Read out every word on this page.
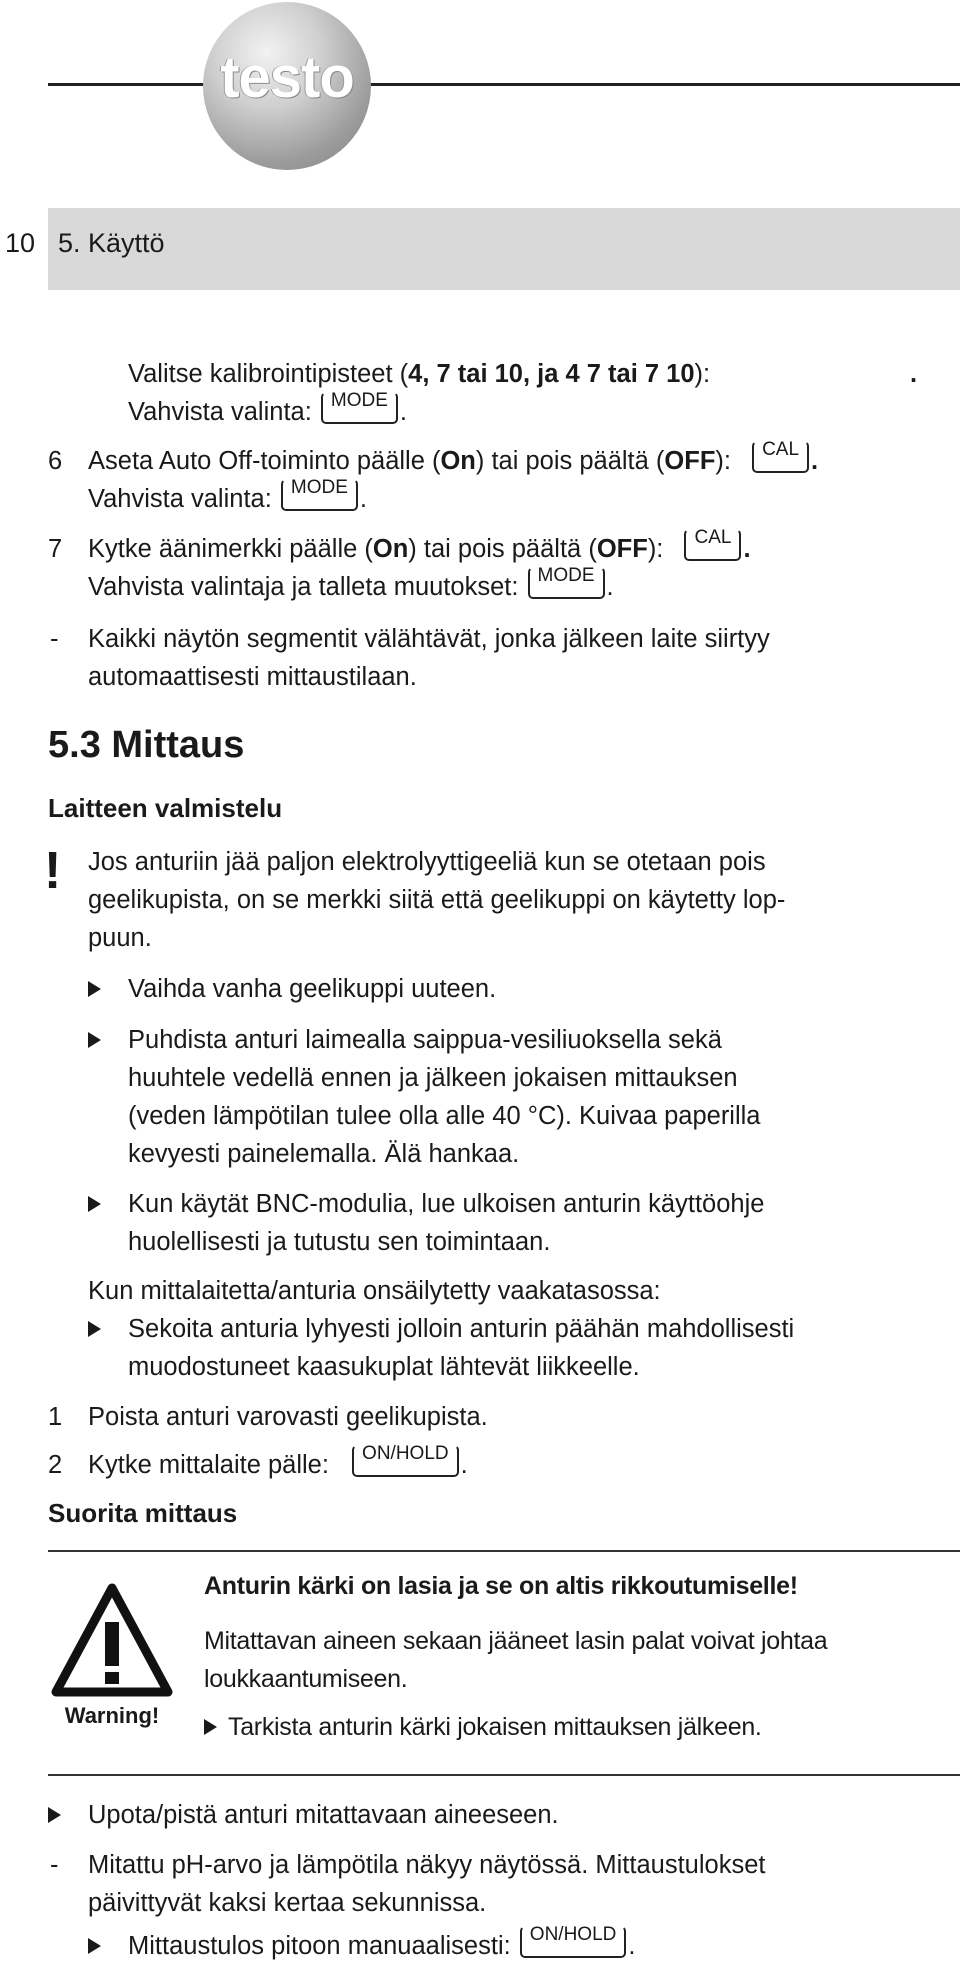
testo
10 5. Käyttö
Valitse kalibrointipisteet (4, 7 tai 10, ja 4 7 tai 7 10):	.
Vahvista valinta: MODE .
6 Aseta Auto Off-toiminto päälle (On) tai pois päältä (OFF): CAL .
Vahvista valinta: MODE .
7 Kytke äänimerkki päälle (On) tai pois päältä (OFF): CAL .
Vahvista valintaja ja talleta muutokset: MODE .
- Kaikki näytön segmentit välähtävät, jonka jälkeen laite siirtyy
automaattisesti mittaustilaan.
5.3 Mittaus
Laitteen valmistelu
! Jos anturiin jää paljon elektrolyyttigeeliä kun se otetaan pois
geelikupista, on se merkki siitä että geelikuppi on käytetty lop-
puun.
Vaihda vanha geelikuppi uuteen.
Puhdista anturi laimealla saippua-vesiliuoksella sekä
huuhtele vedellä ennen ja jälkeen jokaisen mittauksen
(veden lämpötilan tulee olla alle 40 °C). Kuivaa paperilla
kevyesti painelemalla. Älä hankaa.
Kun käytät BNC-modulia, lue ulkoisen anturin käyttöohje
huolellisesti ja tutustu sen toimintaan.
Kun mittalaitetta/anturia onsäilytetty vaakatasossa:
Sekoita anturia lyhyesti jolloin anturin päähän mahdollisesti
muodostuneet kaasukuplat lähtevät liikkeelle.
1 Poista anturi varovasti geelikupista.
2 Kytke mittalaite pälle: ON/HOLD .
Suorita mittaus
Warning!
Anturin kärki on lasia ja se on altis rikkoutumiselle!
Mitattavan aineen sekaan jääneet lasin palat voivat johtaa
loukkaantumiseen.
Tarkista anturin kärki jokaisen mittauksen jälkeen.
Upota/pistä anturi mitattavaan aineeseen.
- Mitattu pH-arvo ja lämpötila näkyy näytössä. Mittaustulokset
päivittyvät kaksi kertaa sekunnissa.
Mittaustulos pitoon manuaalisesti: ON/HOLD .
